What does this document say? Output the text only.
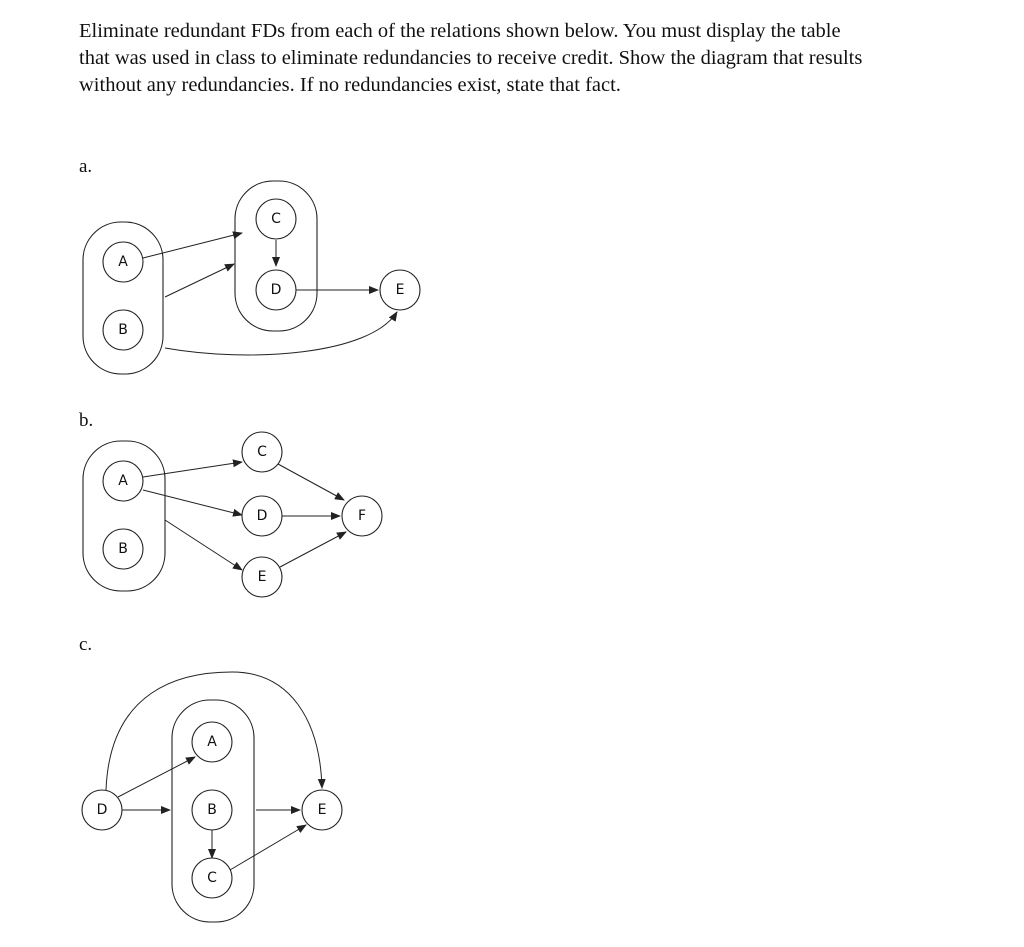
Eliminate redundant FDs from each of the relations shown below. You must display the table

that was used in class to eliminate redundancies to receive credit. Show the diagram that results

without any redundancies. If no redundancies exist, state that fact.

a.
A
B
C
D	E
b.
A
B
C
D
E
F
c.
A
B
C
D	E
